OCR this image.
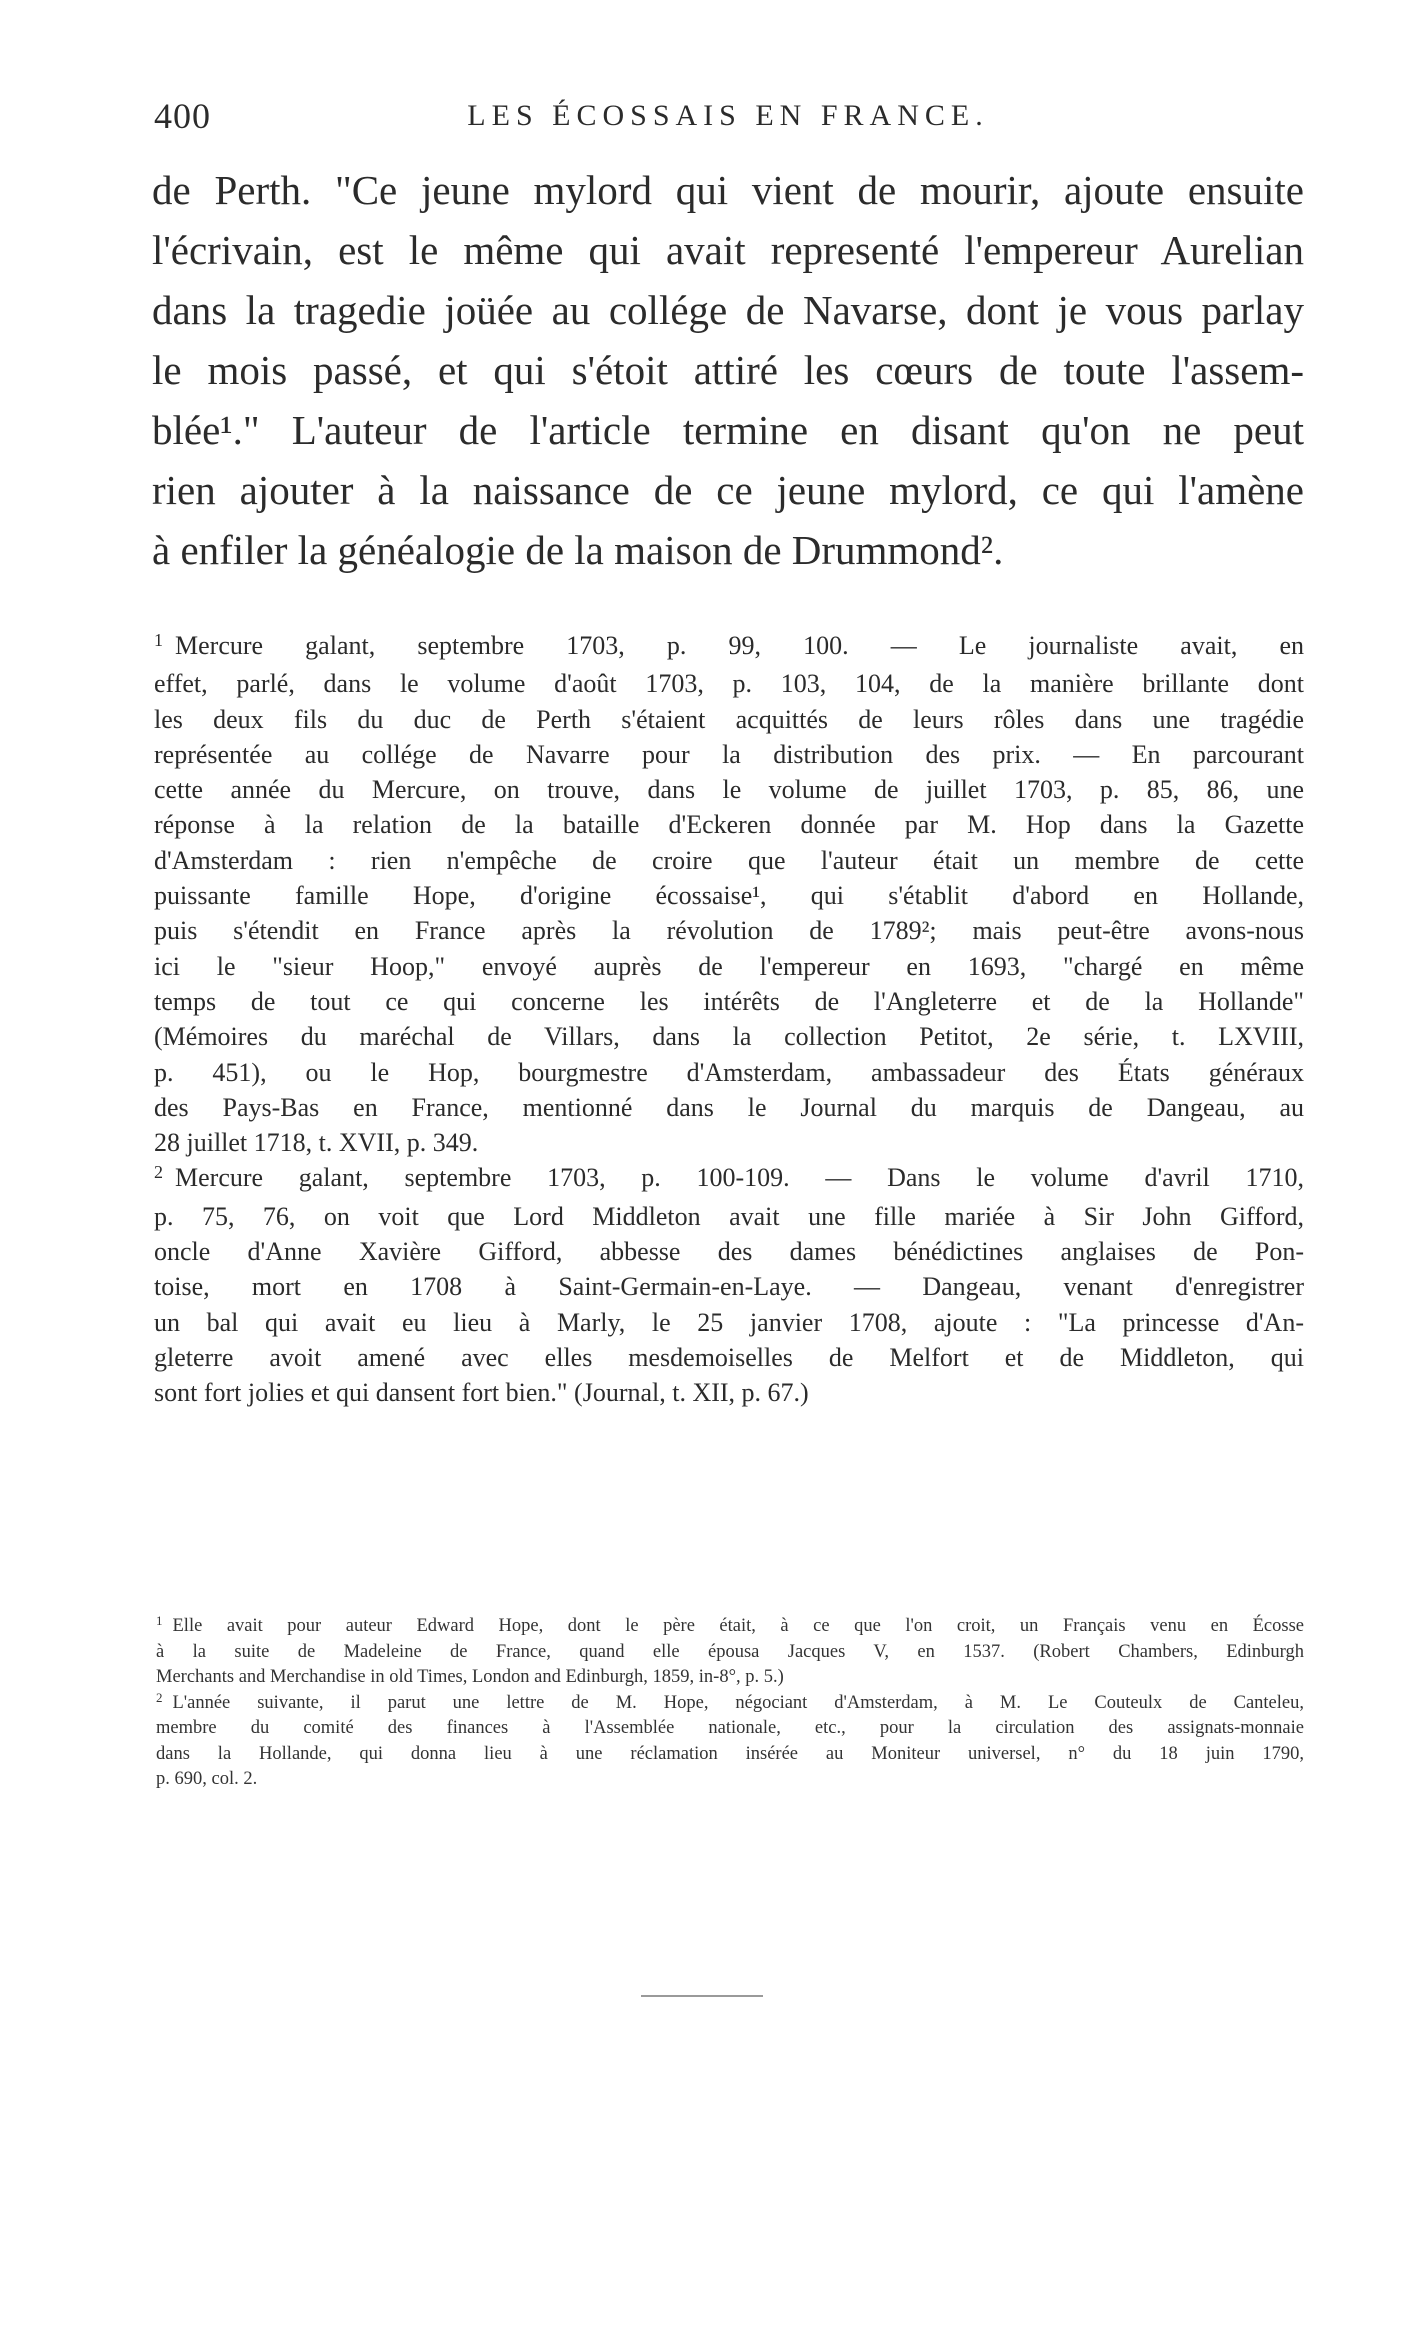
400	LES ÉCOSSAIS EN FRANCE.
de Perth. "Ce jeune mylord qui vient de mourir, ajoute ensuite
l'écrivain, est le même qui avait representé l'empereur Aurelian
dans la tragedie joüée au collége de Navarse, dont je vous parlay
le mois passé, et qui s'étoit attiré les cœurs de toute l'assem-
blée¹." L'auteur de l'article termine en disant qu'on ne peut
rien ajouter à la naissance de ce jeune mylord, ce qui l'amène
à enfiler la généalogie de la maison de Drummond².
$^1$ Mercure galant, septembre 1703, p. 99, 100. — Le journaliste avait, en
effet, parlé, dans le volume d'août 1703, p. 103, 104, de la manière brillante dont
les deux fils du duc de Perth s'étaient acquittés de leurs rôles dans une tragédie
représentée au collége de Navarre pour la distribution des prix. — En parcourant
cette année du Mercure, on trouve, dans le volume de juillet 1703, p. 85, 86, une
réponse à la relation de la bataille d'Eckeren donnée par M. Hop dans la Gazette
d'Amsterdam : rien n'empêche de croire que l'auteur était un membre de cette
puissante famille Hope, d'origine écossaise¹, qui s'établit d'abord en Hollande,
puis s'étendit en France après la révolution de 1789²; mais peut-être avons-nous
ici le "sieur Hoop," envoyé auprès de l'empereur en 1693, "chargé en même
temps de tout ce qui concerne les intérêts de l'Angleterre et de la Hollande"
(Mémoires du maréchal de Villars, dans la collection Petitot, 2e série, t. LXVIII,
p. 451), ou le Hop, bourgmestre d'Amsterdam, ambassadeur des États généraux
des Pays-Bas en France, mentionné dans le Journal du marquis de Dangeau, au
28 juillet 1718, t. XVII, p. 349.
$^2$ Mercure galant, septembre 1703, p. 100-109. — Dans le volume d'avril 1710,
p. 75, 76, on voit que Lord Middleton avait une fille mariée à Sir John Gifford,
oncle d'Anne Xavière Gifford, abbesse des dames bénédictines anglaises de Pon-
toise, mort en 1708 à Saint-Germain-en-Laye. — Dangeau, venant d'enregistrer
un bal qui avait eu lieu à Marly, le 25 janvier 1708, ajoute : "La princesse d'An-
gleterre avoit amené avec elles mesdemoiselles de Melfort et de Middleton, qui
sont fort jolies et qui dansent fort bien." (Journal, t. XII, p. 67.)
$^1$ Elle avait pour auteur Edward Hope, dont le père était, à ce que l'on croit, un Français venu en Écosse
à la suite de Madeleine de France, quand elle épousa Jacques V, en 1537. (Robert Chambers, Edinburgh
Merchants and Merchandise in old Times, London and Edinburgh, 1859, in-8°, p. 5.)
$^2$ L'année suivante, il parut une lettre de M. Hope, négociant d'Amsterdam, à M. Le Couteulx de Canteleu,
membre du comité des finances à l'Assemblée nationale, etc., pour la circulation des assignats-monnaie
dans la Hollande, qui donna lieu à une réclamation insérée au Moniteur universel, n° du 18 juin 1790,
p. 690, col. 2.
